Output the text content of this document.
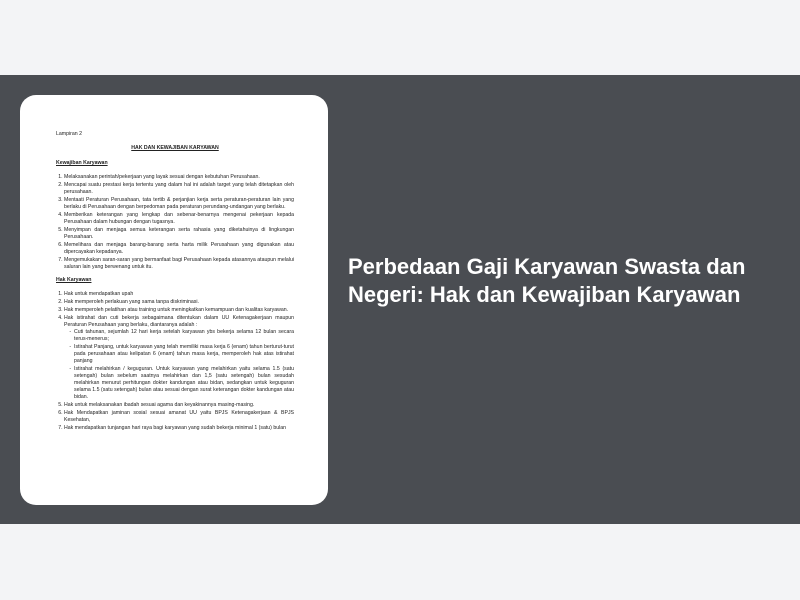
Lampiran 2
HAK DAN KEWAJIBAN KARYAWAN
Kewajiban Karyawan
1. Melaksanakan perintah/pekerjaan yang layak sesuai dengan kebutuhan Perusahaan.
2. Mencapai suatu prestasi kerja tertentu yang dalam hal ini adalah target yang telah ditetapkan oleh perusahaan.
3. Mentaati Peraturan Perusahaan, tata tertib & perjanjian kerja serta peraturan-peraturan lain yang berlaku di Perusahaan dengan berpedoman pada peraturan perundang-undangan yang berlaku.
4. Memberikan keterangan yang lengkap dan sebenar-benarnya mengenai pekerjaan kepada Perusahaan dalam hubungan dengan tugasnya.
5. Menyimpan dan menjaga semua keterangan serta rahasia yang diketahuinya di lingkungan Perusahaan.
6. Memelihara dan menjaga barang-barang serta harta milik Perusahaan yang digunakan atau dipercayakan kepadanya.
7. Mengemukakan saran-saran yang bermanfaat bagi Perusahaan kepada atasannya ataupun melalui saluran lain yang berwenang untuk itu.
Hak Karyawan
1. Hak untuk mendapatkan upah
2. Hak memperoleh perlakuan yang sama tanpa diskriminasi.
3. Hak memperoleh pelatihan atau training untuk meningkatkan kemampuan dan kualitas karyawan.
4. Hak istirahat dan cuti bekerja sebagaimana ditentukan dalam UU Ketenagakerjaan maupun Peraturan Perusahaan yang berlaku, diantaranya adalah :
- Cuti tahunan, sejumlah 12 hari kerja setelah karyawan ybs bekerja selama 12 bulan secara terus-menerus;
- Istirahat Panjang, untuk karyawan yang telah memiliki masa kerja 6 (enam) tahun berturut-turut pada perusahaan atau kelipatan 6 (enam) tahun masa kerja, memperoleh hak atas istirahat panjang
- Istirahat melahirkan / keguguran. Untuk karyawan yang melahirkan yaitu selama 1.5 (satu setengah) bulan sebelum saatnya melahirkan dan 1,5 (satu setengah) bulan sesudah melahirkan menurut perhitungan dokter kandungan atau bidan, sedangkan untuk keguguran selama 1.5 (satu setengah) bulan atau sesuai dengan surat keterangan dokter kandungan atau bidan.
5. Hak untuk melaksanakan ibadah sesuai agama dan keyakinannya masing-masing.
6. Hak Mendapatkan jaminan sosial sesuai amanat UU yaitu BPJS Ketenagakerjaan & BPJS Kesehatan,
7. Hak mendapatkan tunjangan hari raya bagi karyawan yang sudah bekerja minimal 1 (satu) bulan
Perbedaan Gaji Karyawan Swasta dan Negeri: Hak dan Kewajiban Karyawan
